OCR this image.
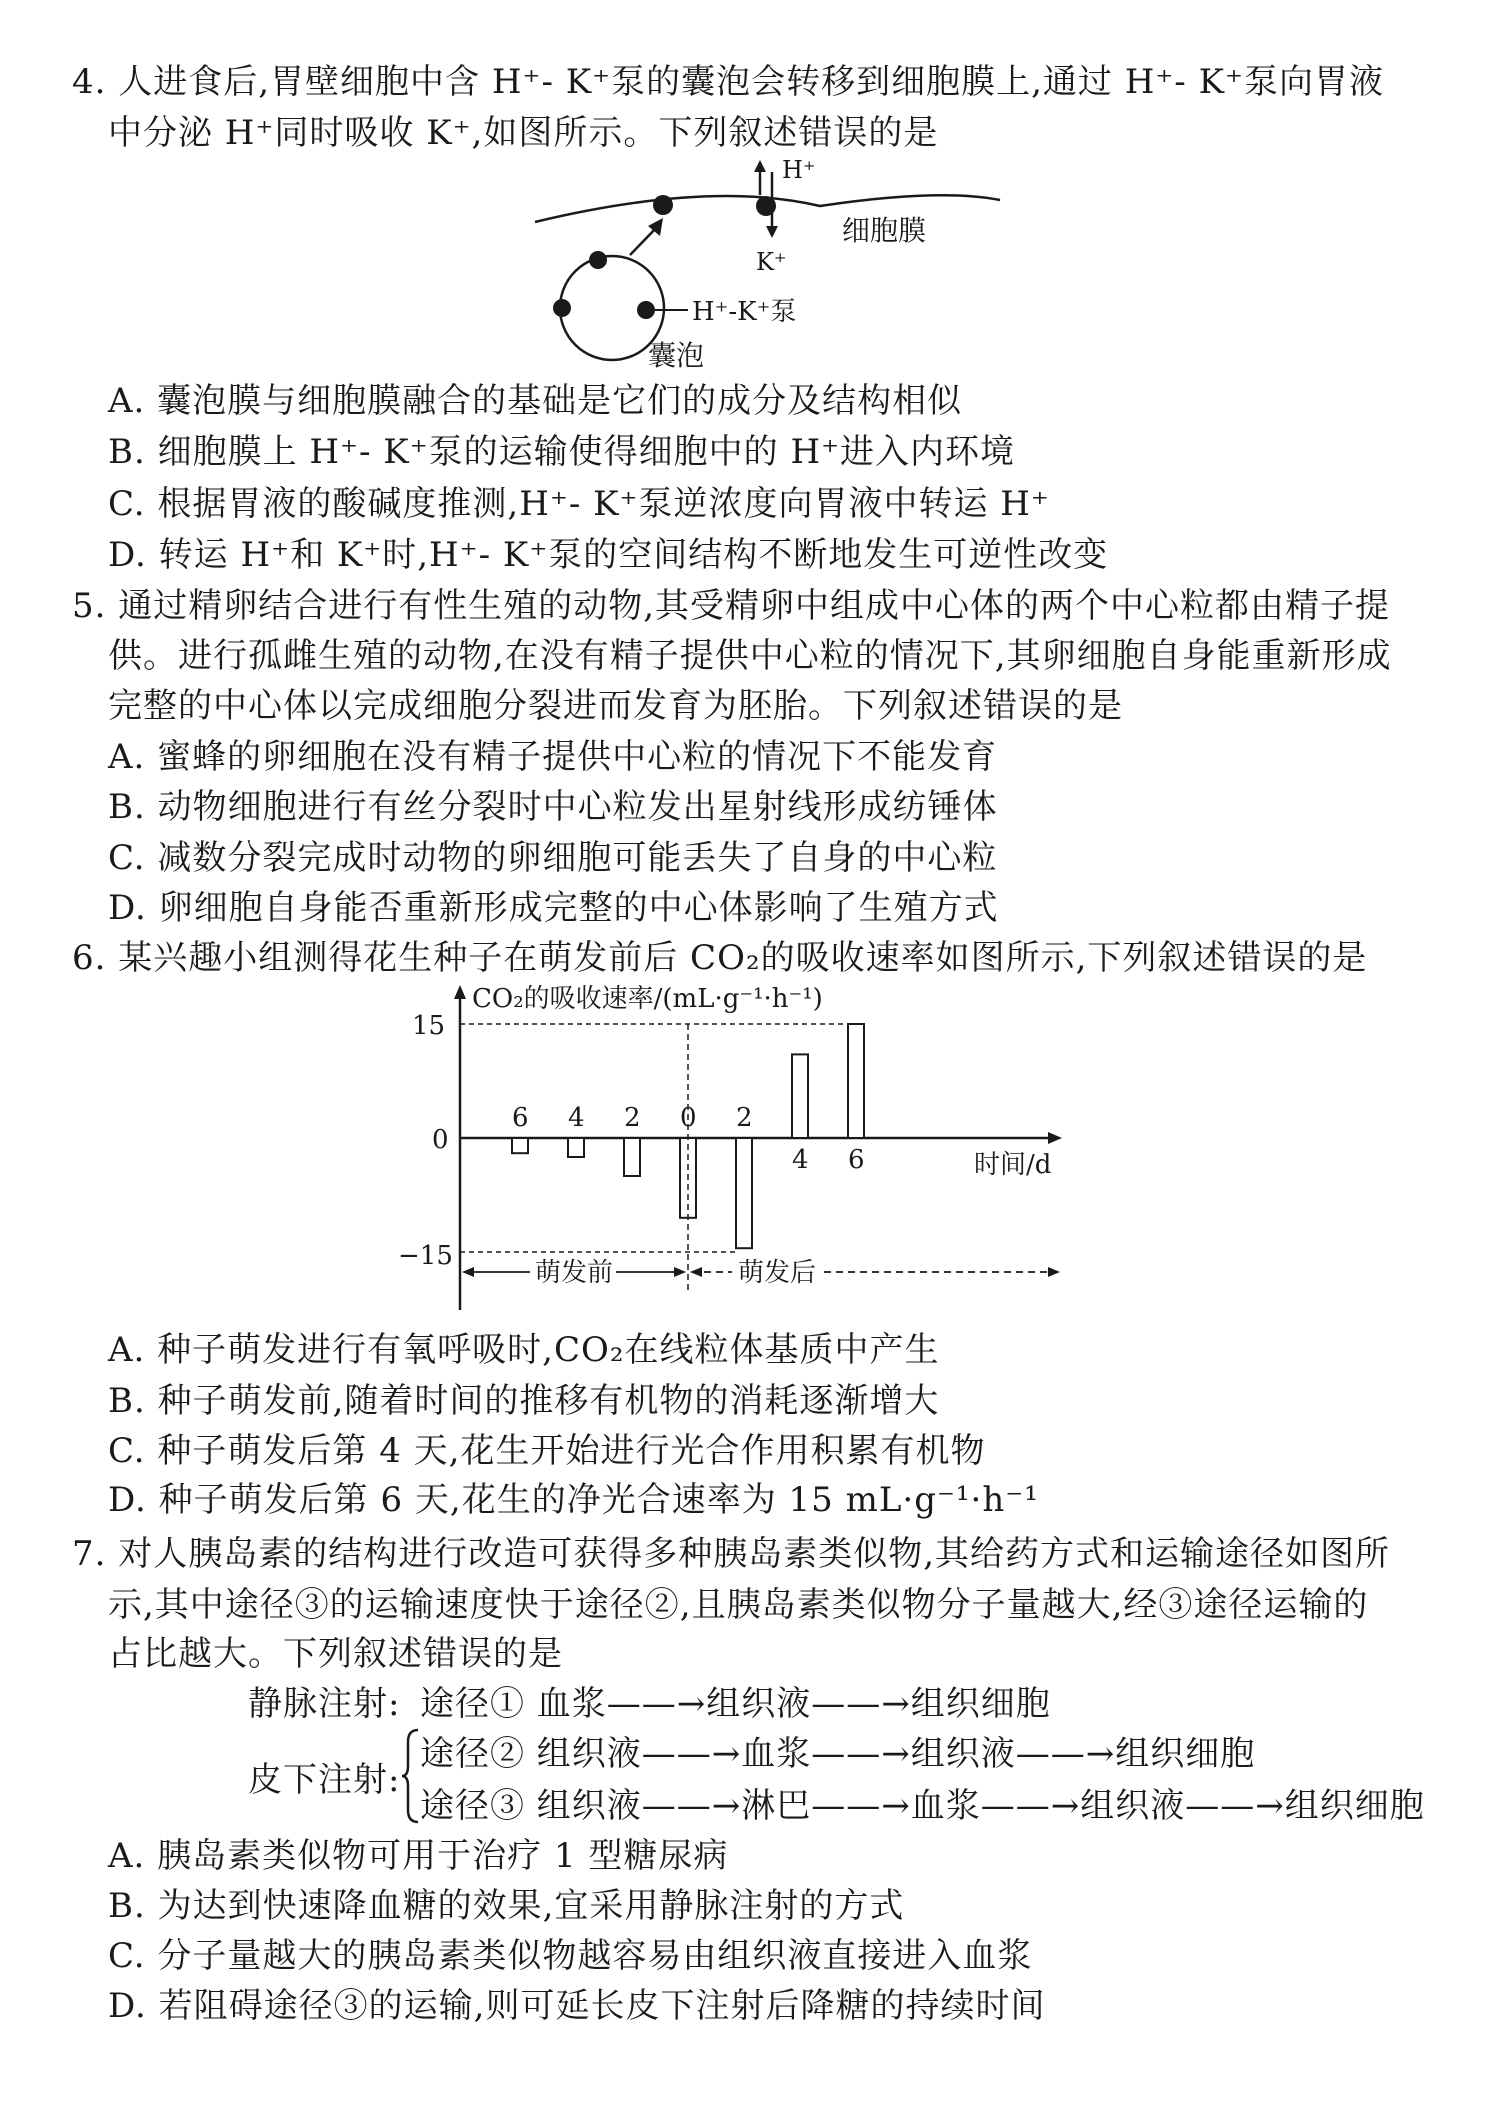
4. 人进食后,胃壁细胞中含 H⁺- K⁺泵的囊泡会转移到细胞膜上,通过 H⁺- K⁺泵向胃液
中分泌 H⁺同时吸收 K⁺,如图所示。下列叙述错误的是
H⁺
K⁺
细胞膜
H⁺-K⁺泵
囊泡
A. 囊泡膜与细胞膜融合的基础是它们的成分及结构相似
B. 细胞膜上 H⁺- K⁺泵的运输使得细胞中的 H⁺进入内环境
C. 根据胃液的酸碱度推测,H⁺- K⁺泵逆浓度向胃液中转运 H⁺
D. 转运 H⁺和 K⁺时,H⁺- K⁺泵的空间结构不断地发生可逆性改变
5. 通过精卵结合进行有性生殖的动物,其受精卵中组成中心体的两个中心粒都由精子提
供。进行孤雌生殖的动物,在没有精子提供中心粒的情况下,其卵细胞自身能重新形成
完整的中心体以完成细胞分裂进而发育为胚胎。下列叙述错误的是
A. 蜜蜂的卵细胞在没有精子提供中心粒的情况下不能发育
B. 动物细胞进行有丝分裂时中心粒发出星射线形成纺锤体
C. 减数分裂完成时动物的卵细胞可能丢失了自身的中心粒
D. 卵细胞自身能否重新形成完整的中心体影响了生殖方式
6. 某兴趣小组测得花生种子在萌发前后 CO₂的吸收速率如图所示,下列叙述错误的是
CO₂的吸收速率/(mL·g⁻¹·h⁻¹)
时间/d
15
0
−15
6 4 2 0 2
4 6
萌发前	萌发后
A. 种子萌发进行有氧呼吸时,CO₂在线粒体基质中产生
B. 种子萌发前,随着时间的推移有机物的消耗逐渐增大
C. 种子萌发后第 4 天,花生开始进行光合作用积累有机物
D. 种子萌发后第 6 天,花生的净光合速率为 15 mL·g⁻¹·h⁻¹
7. 对人胰岛素的结构进行改造可获得多种胰岛素类似物,其给药方式和运输途径如图所
示,其中途径③的运输速度快于途径②,且胰岛素类似物分子量越大,经③途径运输的
占比越大。下列叙述错误的是
静脉注射: 途径① 血浆——→组织液——→组织细胞
皮下注射:
途径② 组织液——→血浆——→组织液——→组织细胞
途径③ 组织液——→淋巴——→血浆——→组织液——→组织细胞
A. 胰岛素类似物可用于治疗 1 型糖尿病
B. 为达到快速降血糖的效果,宜采用静脉注射的方式
C. 分子量越大的胰岛素类似物越容易由组织液直接进入血浆
D. 若阻碍途径③的运输,则可延长皮下注射后降糖的持续时间
